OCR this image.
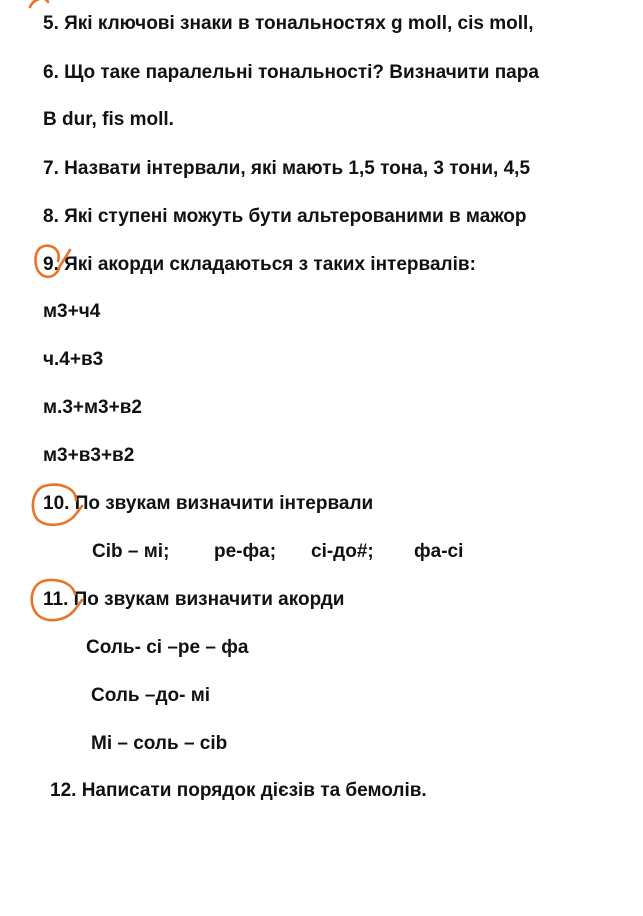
5. Які ключові знаки в тональностях g moll, cis moll,
6. Що таке паралельні тональності? Визначити пара
B dur, fis moll.
7. Назвати інтервали, які мають 1,5 тона, 3 тони, 4,5
8. Які ступені можуть бути альтерованими в мажор
9. Які акорди складаються з таких інтервалів:
м3+ч4
ч.4+в3
м.3+м3+в2
м3+в3+в2
10. По звукам визначити інтервали
Сіb – мі; ре-фа; сі-до#; фа-сі
11. По звукам визначити акорди
Соль- сі –ре – фа
Соль –до- мі
Мі – соль – сіb
12. Написати порядок дієзів та бемолів.
